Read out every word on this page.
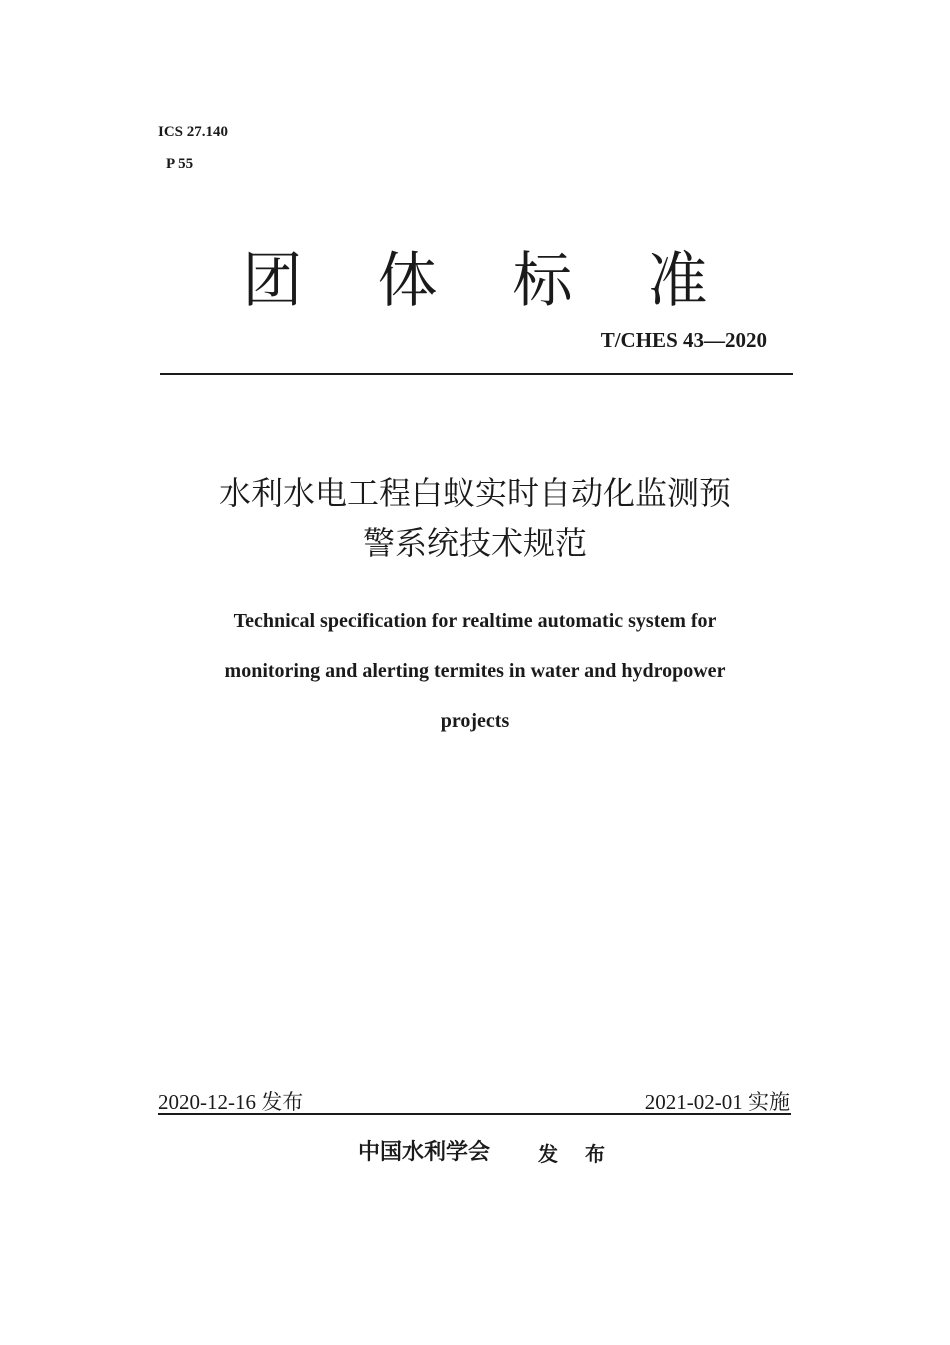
ICS 27.140
P 55
团 体 标 准
T/CHES 43—2020
水利水电工程白蚁实时自动化监测预
警系统技术规范
Technical specification for realtime automatic system for
monitoring and alerting termites in water and hydropower
projects
2020-12-16 发布	2021-02-01 实施
中国水利学会 发 布
